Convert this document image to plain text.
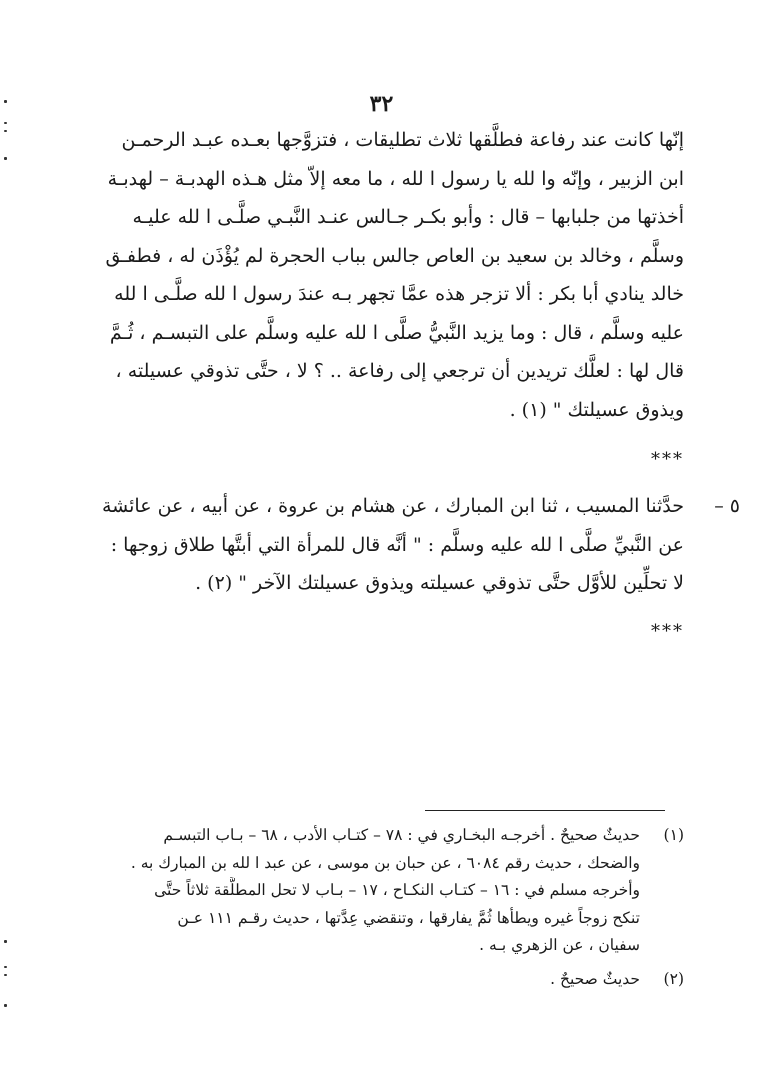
٣٢
إنّها كانت عند رفاعة فطلَّقها ثلاث تطليقات ، فتزوَّجها بعـده عبـد الرحمـن
ابن الزبير ، وإنّه وا لله يا رسول ا لله ، ما معه إلاّ مثل هـذه الهدبـة – لهدبـة
أخذتها من جلبابها – قال : وأبو بكـر جـالس عنـد النَّبـي صلَّـى ا لله عليـه
وسلَّم ، وخالد بن سعيد بن العاص جالس بباب الحجرة لم يُؤْذَن له ، فطفـق
خالد ينادي أبا بكر : ألا تزجر هذه عمَّا تجهر بـه عندَ رسول ا لله صلَّـى ا لله
عليه وسلَّم ، قال : وما يزيد النَّبيُّ صلَّى ا لله عليه وسلَّم على التبسـم ، ثُـمَّ
قال لها : لعلَّك تريدين أن ترجعي إلى رفاعة .. ؟ لا ، حتَّى تذوقي عسيلته ،
ويذوق عسيلتك " (١) .
***
٥ –
حدَّثنا المسيب ، ثنا ابن المبارك ، عن هشام بن عروة ، عن أبيه ، عن عائشة
عن النَّبيِّ صلَّى ا لله عليه وسلَّم : " أنَّه قال للمرأة التي أبتَّها طلاق زوجها :
لا تحلِّين للأوَّل حتَّى تذوقي عسيلته ويذوق عسيلتك الآخر " (٢) .
***
(١)
حديثٌ صحيحٌ . أخرجـه البخـاري في : ٧٨ – كتـاب الأدب ، ٦٨ – بـاب التبسـم
والضحك ، حديث رقم ٦٠٨٤ ، عن حبان بن موسى ، عن عبد ا لله بن المبارك به .
وأخرجه مسلم في : ١٦ – كتـاب النكـاح ، ١٧ – بـاب لا تحل المطلَّقة ثلاثاً حتَّى
تنكح زوجاً غيره ويطأها ثُمَّ يفارقها ، وتنقضي عِدَّتها ، حديث رقـم ١١١ عـن
سفيان ، عن الزهري بـه .
(٢)
حديثٌ صحيحٌ .
